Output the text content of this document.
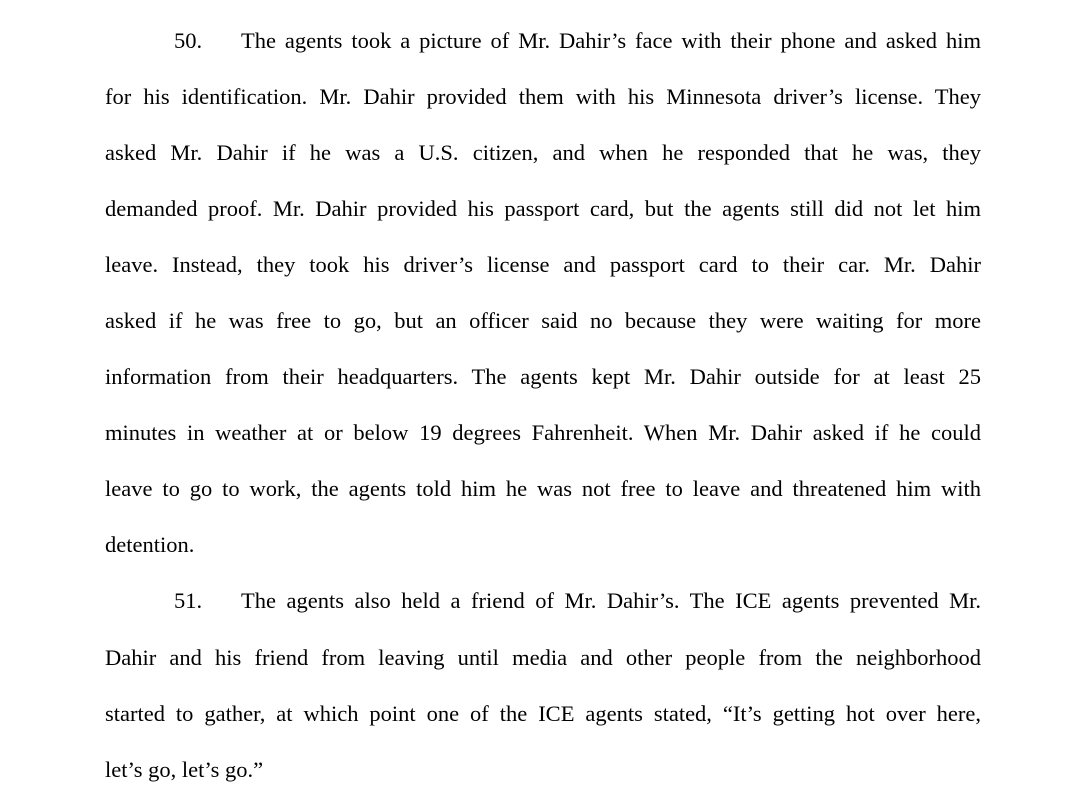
50. The agents took a picture of Mr. Dahir’s face with their phone and asked him
for his identification. Mr. Dahir provided them with his Minnesota driver’s license. They
asked Mr. Dahir if he was a U.S. citizen, and when he responded that he was, they
demanded proof. Mr. Dahir provided his passport card, but the agents still did not let him
leave. Instead, they took his driver’s license and passport card to their car. Mr. Dahir
asked if he was free to go, but an officer said no because they were waiting for more
information from their headquarters. The agents kept Mr. Dahir outside for at least 25
minutes in weather at or below 19 degrees Fahrenheit. When Mr. Dahir asked if he could
leave to go to work, the agents told him he was not free to leave and threatened him with
detention.
51. The agents also held a friend of Mr. Dahir’s. The ICE agents prevented Mr.
Dahir and his friend from leaving until media and other people from the neighborhood
started to gather, at which point one of the ICE agents stated, “It’s getting hot over here,
let’s go, let’s go.”
